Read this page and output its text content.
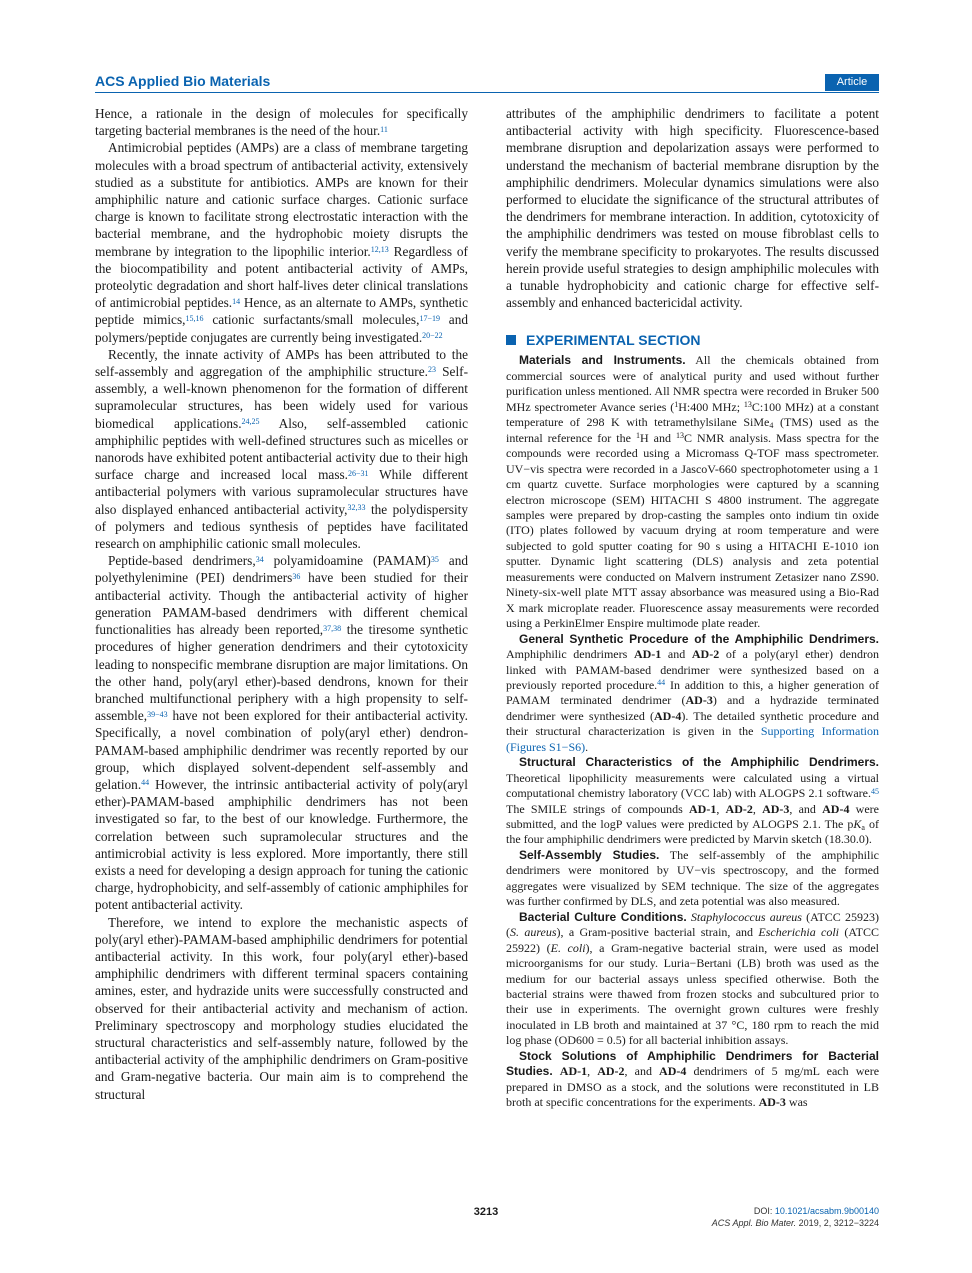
ACS Applied Bio Materials	Article

Hence, a rationale in the design of molecules for specifically targeting bacterial membranes is the need of the hour.$^{11}$

Antimicrobial peptides (AMPs) are a class of membrane targeting molecules with a broad spectrum of antibacterial activity, extensively studied as a substitute for antibiotics. AMPs are known for their amphiphilic nature and cationic surface charges. Cationic surface charge is known to facilitate strong electrostatic interaction with the bacterial membrane, and the hydrophobic moiety disrupts the membrane by integration to the lipophilic interior.$^{12,13}$ Regardless of the biocompatibility and potent antibacterial activity of AMPs, proteolytic degradation and short half-lives deter clinical translations of antimicrobial peptides.$^{14}$ Hence, as an alternate to AMPs, synthetic peptide mimics,$^{15,16}$ cationic surfactants/small molecules,$^{17-19}$ and polymers/peptide conjugates are currently being investigated.$^{20-22}$

Recently, the innate activity of AMPs has been attributed to the self-assembly and aggregation of the amphiphilic structure.$^{23}$ Self-assembly, a well-known phenomenon for the formation of different supramolecular structures, has been widely used for various biomedical applications.$^{24,25}$ Also, self-assembled cationic amphiphilic peptides with well-defined structures such as micelles or nanorods have exhibited potent antibacterial activity due to their high surface charge and increased local mass.$^{26-31}$ While different antibacterial polymers with various supramolecular structures have also displayed enhanced antibacterial activity,$^{32,33}$ the polydispersity of polymers and tedious synthesis of peptides have facilitated research on amphiphilic cationic small molecules.

Peptide-based dendrimers,$^{34}$ polyamidoamine (PAMAM)$^{35}$ and polyethylenimine (PEI) dendrimers$^{36}$ have been studied for their antibacterial activity. Though the antibacterial activity of higher generation PAMAM-based dendrimers with different chemical functionalities has already been reported,$^{37,38}$ the tiresome synthetic procedures of higher generation dendrimers and their cytotoxicity leading to nonspecific membrane disruption are major limitations. On the other hand, poly(aryl ether)-based dendrons, known for their branched multifunctional periphery with a high propensity to self-assemble,$^{39-43}$ have not been explored for their antibacterial activity. Specifically, a novel combination of poly(aryl ether) dendron-PAMAM-based amphiphilic dendrimer was recently reported by our group, which displayed solvent-dependent self-assembly and gelation.$^{44}$ However, the intrinsic antibacterial activity of poly(aryl ether)-PAMAM-based amphiphilic dendrimers has not been investigated so far, to the best of our knowledge. Furthermore, the correlation between such supramolecular structures and the antimicrobial activity is less explored. More importantly, there still exists a need for developing a design approach for tuning the cationic charge, hydrophobicity, and self-assembly of cationic amphiphiles for potent antibacterial activity.

Therefore, we intend to explore the mechanistic aspects of poly(aryl ether)-PAMAM-based amphiphilic dendrimers for potential antibacterial activity. In this work, four poly(aryl ether)-based amphiphilic dendrimers with different terminal spacers containing amines, ester, and hydrazide units were successfully constructed and observed for their antibacterial activity and mechanism of action. Preliminary spectroscopy and morphology studies elucidated the structural characteristics and self-assembly nature, followed by the antibacterial activity of the amphiphilic dendrimers on Gram-positive and Gram-negative bacteria. Our main aim is to comprehend the structural

attributes of the amphiphilic dendrimers to facilitate a potent antibacterial activity with high specificity. Fluorescence-based membrane disruption and depolarization assays were performed to understand the mechanism of bacterial membrane disruption by the amphiphilic dendrimers. Molecular dynamics simulations were also performed to elucidate the significance of the structural attributes of the dendrimers for membrane interaction. In addition, cytotoxicity of the amphiphilic dendrimers was tested on mouse fibroblast cells to verify the membrane specificity to prokaryotes. The results discussed herein provide useful strategies to design amphiphilic molecules with a tunable hydrophobicity and cationic charge for effective self-assembly and enhanced bactericidal activity.

EXPERIMENTAL SECTION

Materials and Instruments. All the chemicals obtained from commercial sources were of analytical purity and used without further purification unless mentioned. All NMR spectra were recorded in Bruker 500 MHz spectrometer Avance series ($^1$H:400 MHz; $^{13}$C:100 MHz) at a constant temperature of 298 K with tetramethylsilane SiMe$_4$ (TMS) used as the internal reference for the $^1$H and $^{13}$C NMR analysis. Mass spectra for the compounds were recorded using a Micromass Q-TOF mass spectrometer. UV−vis spectra were recorded in a JascoV-660 spectrophotometer using a 1 cm quartz cuvette. Surface morphologies were captured by a scanning electron microscope (SEM) HITACHI S 4800 instrument. The aggregate samples were prepared by drop-casting the samples onto indium tin oxide (ITO) plates followed by vacuum drying at room temperature and were subjected to gold sputter coating for 90 s using a HITACHI E-1010 ion sputter. Dynamic light scattering (DLS) analysis and zeta potential measurements were conducted on Malvern instrument Zetasizer nano ZS90. Ninety-six-well plate MTT assay absorbance was measured using a Bio-Rad X mark microplate reader. Fluorescence assay measurements were recorded using a PerkinElmer Enspire multimode plate reader.

General Synthetic Procedure of the Amphiphilic Dendrimers. Amphiphilic dendrimers AD-1 and AD-2 of a poly(aryl ether) dendron linked with PAMAM-based dendrimer were synthesized based on a previously reported procedure.$^{44}$ In addition to this, a higher generation of PAMAM terminated dendrimer (AD-3) and a hydrazide terminated dendrimer were synthesized (AD-4). The detailed synthetic procedure and their structural characterization is given in the Supporting Information (Figures S1−S6).

Structural Characteristics of the Amphiphilic Dendrimers. Theoretical lipophilicity measurements were calculated using a virtual computational chemistry laboratory (VCC lab) with ALOGPS 2.1 software.$^{45}$ The SMILE strings of compounds AD-1, AD-2, AD-3, and AD-4 were submitted, and the logP values were predicted by ALOGPS 2.1. The $pK_a$ of the four amphiphilic dendrimers were predicted by Marvin sketch (18.30.0).

Self-Assembly Studies. The self-assembly of the amphiphilic dendrimers were monitored by UV−vis spectroscopy, and the formed aggregates were visualized by SEM technique. The size of the aggregates was further confirmed by DLS, and zeta potential was also measured.

Bacterial Culture Conditions. Staphylococcus aureus (ATCC 25923) (S. aureus), a Gram-positive bacterial strain, and Escherichia coli (ATCC 25922) (E. coli), a Gram-negative bacterial strain, were used as model microorganisms for our study. Luria−Bertani (LB) broth was used as the medium for our bacterial assays unless specified otherwise. Both the bacterial strains were thawed from frozen stocks and subcultured prior to their use in experiments. The overnight grown cultures were freshly inoculated in LB broth and maintained at 37 °C, 180 rpm to reach the mid log phase (OD600 = 0.5) for all bacterial inhibition assays.

Stock Solutions of Amphiphilic Dendrimers for Bacterial Studies. AD-1, AD-2, and AD-4 dendrimers of 5 mg/mL each were prepared in DMSO as a stock, and the solutions were reconstituted in LB broth at specific concentrations for the experiments. AD-3 was

3213	DOI: 10.1021/acsabm.9b00140
ACS Appl. Bio Mater. 2019, 2, 3212−3224
